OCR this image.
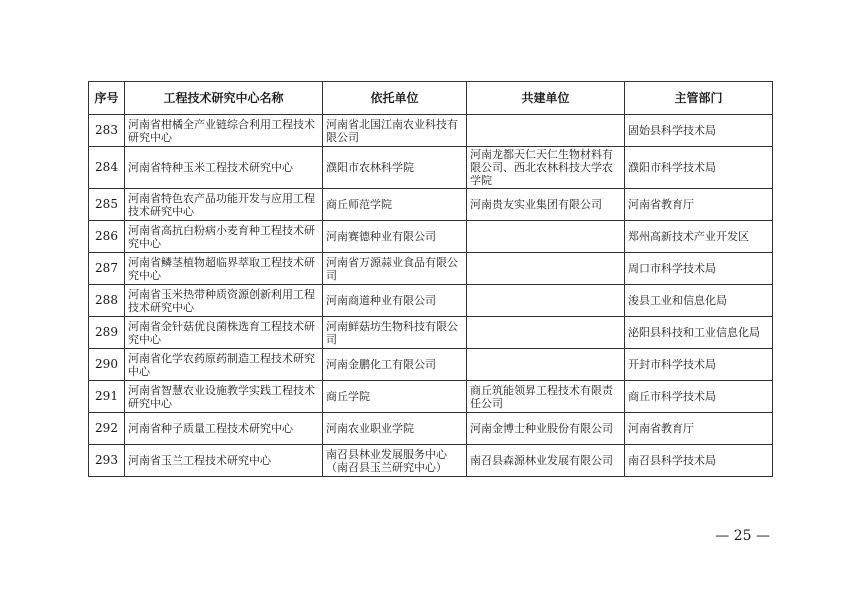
序号	工程技术研究中心名称	依托单位	共建单位	主管部门
283	河南省柑橘全产业链综合利用工程技术研究中心	河南省北国江南农业科技有限公司		固始县科学技术局
284	河南省特种玉米工程技术研究中心	濮阳市农林科学院	河南龙都天仁天仁生物材料有限公司、西北农林科技大学农学院	濮阳市科学技术局
285	河南省特色农产品功能开发与应用工程技术研究中心	商丘师范学院	河南贵友实业集团有限公司	河南省教育厅
286	河南省高抗白粉病小麦育种工程技术研究中心	河南赛德种业有限公司		郑州高新技术产业开发区
287	河南省鳞茎植物超临界萃取工程技术研究中心	河南省万源蒜业食品有限公司		周口市科学技术局
288	河南省玉米热带种质资源创新利用工程技术研究中心	河南商道种业有限公司		浚县工业和信息化局
289	河南省金针菇优良菌株选育工程技术研究中心	河南鲜菇坊生物科技有限公司		泌阳县科技和工业信息化局
290	河南省化学农药原药制造工程技术研究中心	河南金鹏化工有限公司		开封市科学技术局
291	河南省智慧农业设施教学实践工程技术研究中心	商丘学院	商丘筑能领昇工程技术有限责任公司	商丘市科学技术局
292	河南省种子质量工程技术研究中心	河南农业职业学院	河南金博士种业股份有限公司	河南省教育厅
293	河南省玉兰工程技术研究中心	南召县林业发展服务中心（南召县玉兰研究中心）	南召县森源林业发展有限公司	南召县科学技术局
— 25 —
